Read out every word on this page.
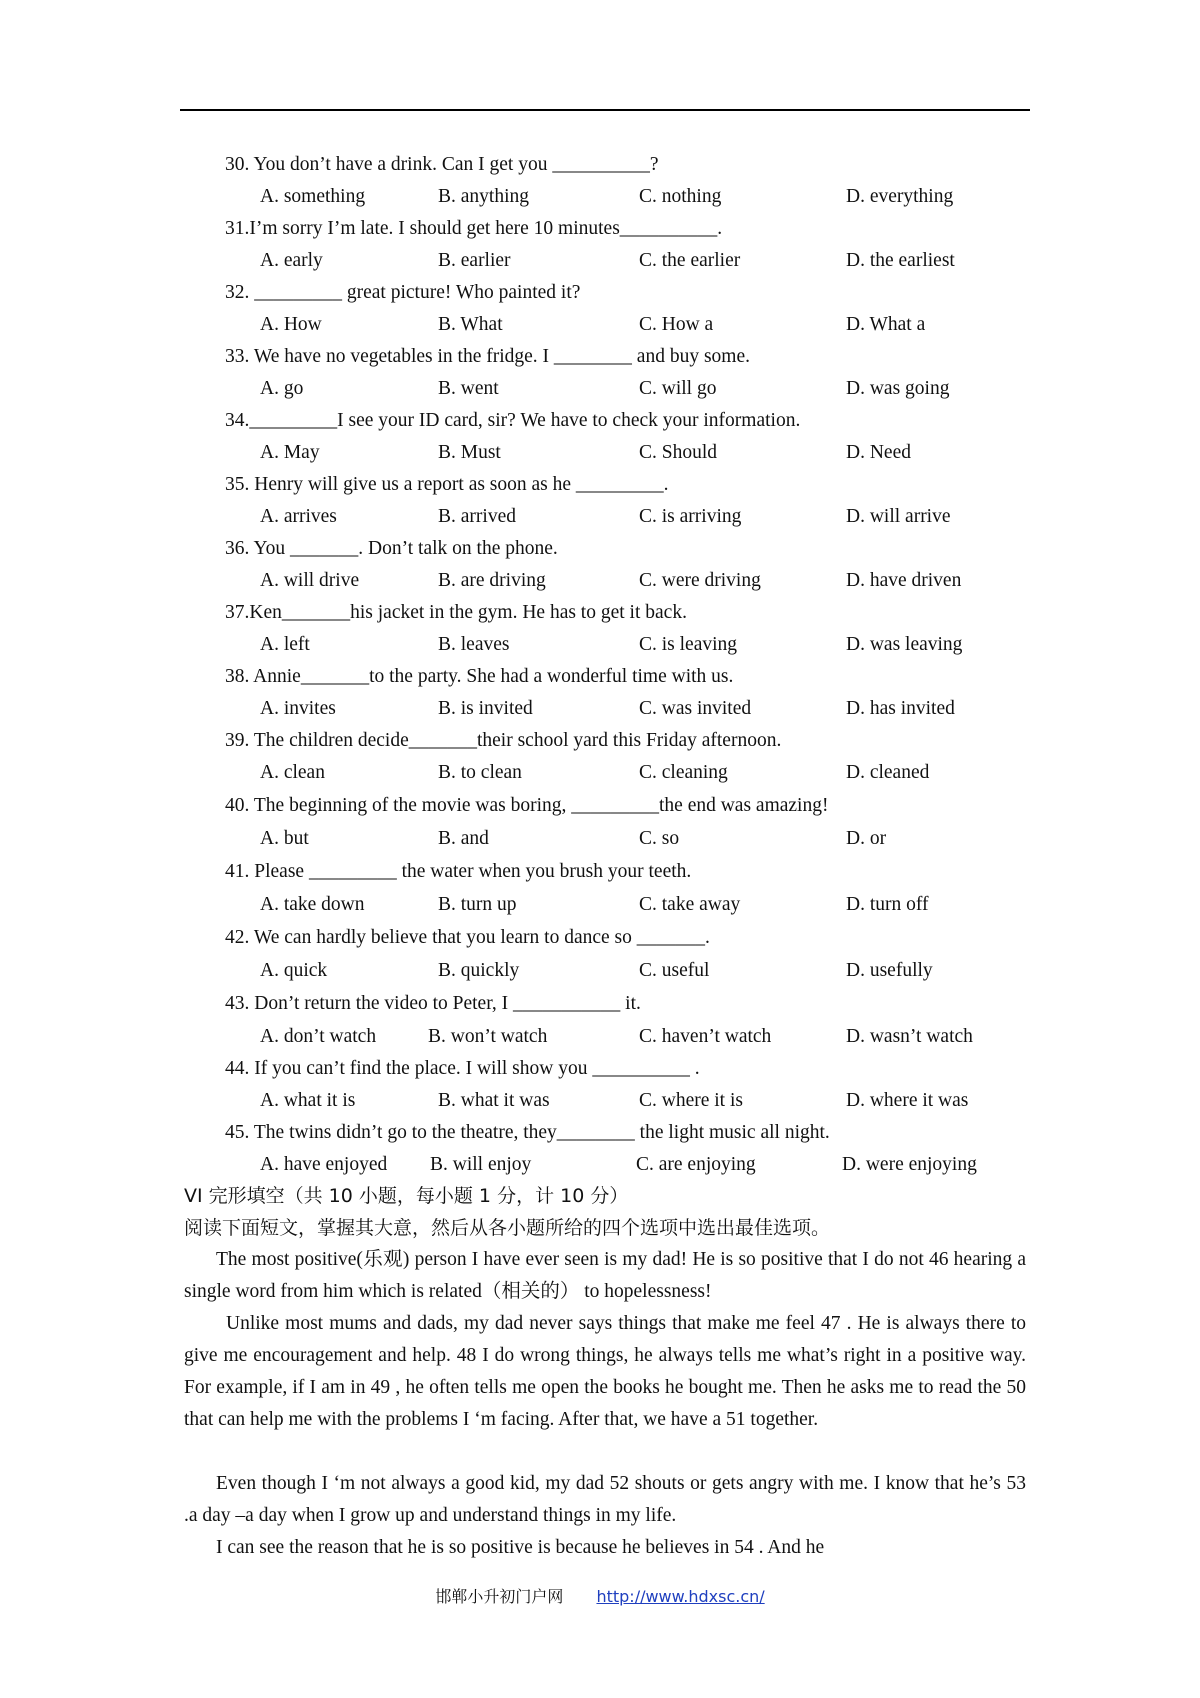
30. You don’t have a drink. Can I get you __________?
A. something	B. anything	C. nothing	D. everything
31.I’m sorry I’m late. I should get here 10 minutes__________.
A. early	B. earlier	C. the earlier	D. the earliest
32. _________ great picture! Who painted it?
A. How	B. What	C. How a	D. What a
33. We have no vegetables in the fridge. I ________ and buy some.
A. go	B. went	C. will go	D. was going
34._________I see your ID card, sir? We have to check your information.
A. May	B. Must	C. Should	D. Need
35. Henry will give us a report as soon as he _________.
A. arrives	B. arrived	C. is arriving	D. will arrive
36. You _______. Don’t talk on the phone.
A. will drive	B. are driving	C. were driving	D. have driven
37.Ken_______his jacket in the gym. He has to get it back.
A. left	B. leaves	C. is leaving	D. was leaving
38. Annie_______to the party. She had a wonderful time with us.
A. invites	B. is invited	C. was invited	D. has invited
39. The children decide_______their school yard this Friday afternoon.
A. clean	B. to clean	C. cleaning	D. cleaned
40. The beginning of the movie was boring, _________the end was amazing!
A. but	B. and	C. so	D. or
41. Please _________ the water when you brush your teeth.
A. take down	B. turn up	C. take away	D. turn off
42. We can hardly believe that you learn to dance so _______.
A. quick	B. quickly	C. useful	D. usefully
43. Don’t return the video to Peter, I ___________ it.
A. don’t watch	B. won’t watch	C. haven’t watch	D. wasn’t watch
44. If you can’t find the place. I will show you __________ .
A. what it is	B. what it was	C. where it is	D. where it was
45. The twins didn’t go to the theatre, they________ the light music all night.
A. have enjoyed B. will enjoy	C. are enjoying	D. were enjoying
VI 完形填空（共 10 小题，每小题 1 分，计 10 分）
阅读下面短文，掌握其大意，然后从各小题所给的四个选项中选出最佳选项。
The most positive(乐观) person I have ever seen is my dad! He is so positive that I do not 46 hearing a single word from him which is related（相关的） to hopelessness!
Unlike most mums and dads, my dad never says things that make me feel 47 . He is always there to give me encouragement and help. 48 I do wrong things, he always tells me what’s right in a positive way. For example, if I am in 49 , he often tells me open the books he bought me. Then he asks me to read the 50 that can help me with the problems I ‘m facing. After that, we have a 51 together.
Even though I ‘m not always a good kid, my dad 52 shouts or gets angry with me. I know that he’s 53 .a day –a day when I grow up and understand things in my life.
I can see the reason that he is so positive is because he believes in 54 . And he
邯郸小升初门户网 http://www.hdxsc.cn/
